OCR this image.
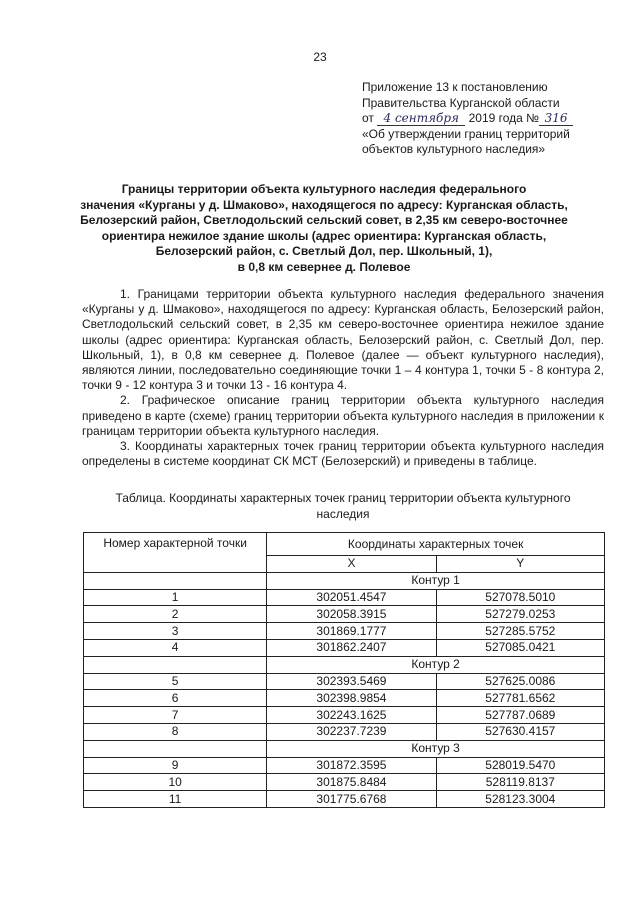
23
Приложение 13 к постановлению
Правительства Курганской области
от 4 сентября 2019 года № 316
«Об утверждении границ территорий
объектов культурного наследия»
Границы территории объекта культурного наследия федерального
значения «Курганы у д. Шмаково», находящегося по адресу: Курганская область,
Белозерский район, Светлодольский сельский совет, в 2,35 км северо-восточнее
ориентира нежилое здание школы (адрес ориентира: Курганская область,
Белозерский район, с. Светлый Дол, пер. Школьный, 1),
в 0,8 км севернее д. Полевое

1. Границами территории объекта культурного наследия федерального значения «Курганы у д. Шмаково», находящегося по адресу: Курганская область, Белозерский район, Светлодольский сельский совет, в 2,35 км северо-восточнее ориентира нежилое здание школы (адрес ориентира: Курганская область, Белозерский район, с. Светлый Дол, пер. Школьный, 1), в 0,8 км севернее д. Полевое (далее — объект культурного наследия), являются линии, последовательно соединяющие точки 1 – 4 контура 1, точки 5 - 8 контура 2, точки 9 - 12 контура 3 и точки 13 - 16 контура 4.

2. Графическое описание границ территории объекта культурного наследия приведено в карте (схеме) границ территории объекта культурного наследия в приложении к границам территории объекта культурного наследия.

3. Координаты характерных точек границ территории объекта культурного наследия определены в системе координат СК МСТ (Белозерский) и приведены в таблице.

Таблица. Координаты характерных точек границ территории объекта культурного
наследия
Номер характерной точки	Координаты характерных точек	
	X	Y
	Контур 1	
1	302051.4547	527078.5010
2	302058.3915	527279.0253
3	301869.1777	527285.5752
4	301862.2407	527085.0421
	Контур 2	
5	302393.5469	527625.0086
6	302398.9854	527781.6562
7	302243.1625	527787.0689
8	302237.7239	527630.4157
	Контур 3	
9	301872.3595	528019.5470
10	301875.8484	528119.8137
11	301775.6768	528123.3004
